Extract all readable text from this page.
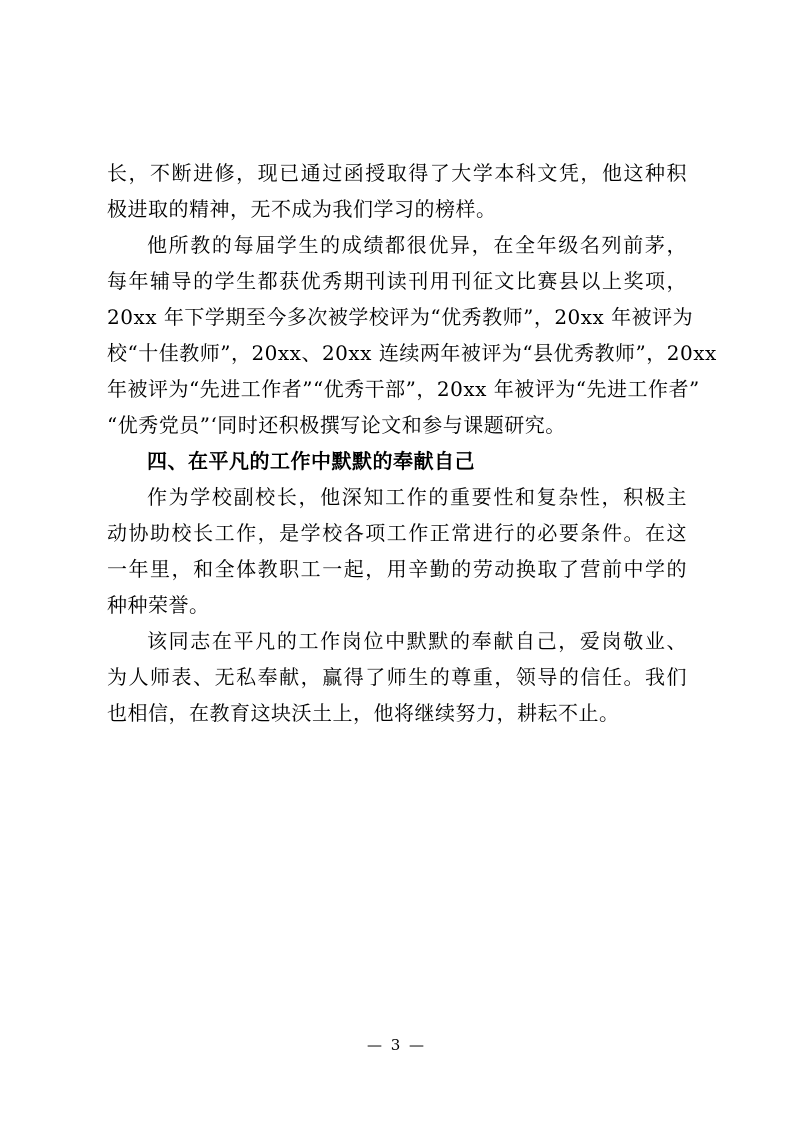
长，不断进修，现已通过函授取得了大学本科文凭，他这种积
极进取的精神，无不成为我们学习的榜样。
他所教的每届学生的成绩都很优异，在全年级名列前茅，
每年辅导的学生都获优秀期刊读刊用刊征文比赛县以上奖项，
20xx 年下学期至今多次被学校评为“优秀教师”，20xx 年被评为
校“十佳教师”，20xx、20xx 连续两年被评为“县优秀教师”，20xx
年被评为“先进工作者”“优秀干部”，20xx 年被评为“先进工作者”
“优秀党员”‘同时还积极撰写论文和参与课题研究。
四、在平凡的工作中默默的奉献自己
作为学校副校长，他深知工作的重要性和复杂性，积极主
动协助校长工作，是学校各项工作正常进行的必要条件。在这
一年里，和全体教职工一起，用辛勤的劳动换取了营前中学的
种种荣誉。
该同志在平凡的工作岗位中默默的奉献自己，爱岗敬业、
为人师表、无私奉献，赢得了师生的尊重，领导的信任。我们
也相信，在教育这块沃土上，他将继续努力，耕耘不止。
— 3 —
